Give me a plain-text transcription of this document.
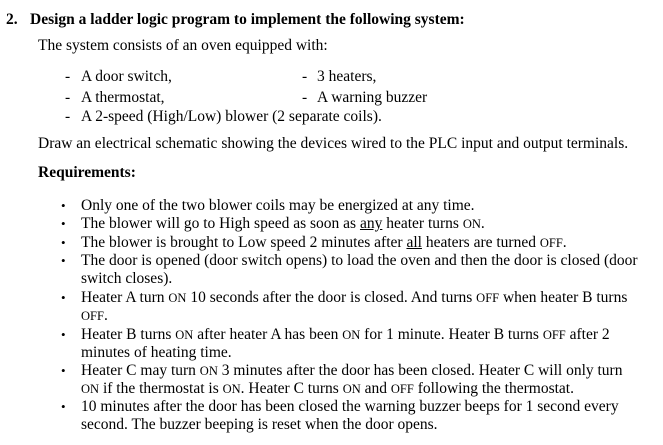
2. Design a ladder logic program to implement the following system:
The system consists of an oven equipped with:
- A door switch,
- A thermostat,
- A 2-speed (High/Low) blower (2 separate coils).
- 3 heaters,
- A warning buzzer
Draw an electrical schematic showing the devices wired to the PLC input and output terminals.
Requirements:
• Only one of the two blower coils may be energized at any time.
• The blower will go to High speed as soon as any heater turns ON.
• The blower is brought to Low speed 2 minutes after all heaters are turned OFF.
• The door is opened (door switch opens) to load the oven and then the door is closed (door
switch closes).
• Heater A turn ON 10 seconds after the door is closed. And turns OFF when heater B turns
OFF.
• Heater B turns ON after heater A has been ON for 1 minute. Heater B turns OFF after 2
minutes of heating time.
• Heater C may turn ON 3 minutes after the door has been closed. Heater C will only turn
ON if the thermostat is ON. Heater C turns ON and OFF following the thermostat.
• 10 minutes after the door has been closed the warning buzzer beeps for 1 second every
second. The buzzer beeping is reset when the door opens.
